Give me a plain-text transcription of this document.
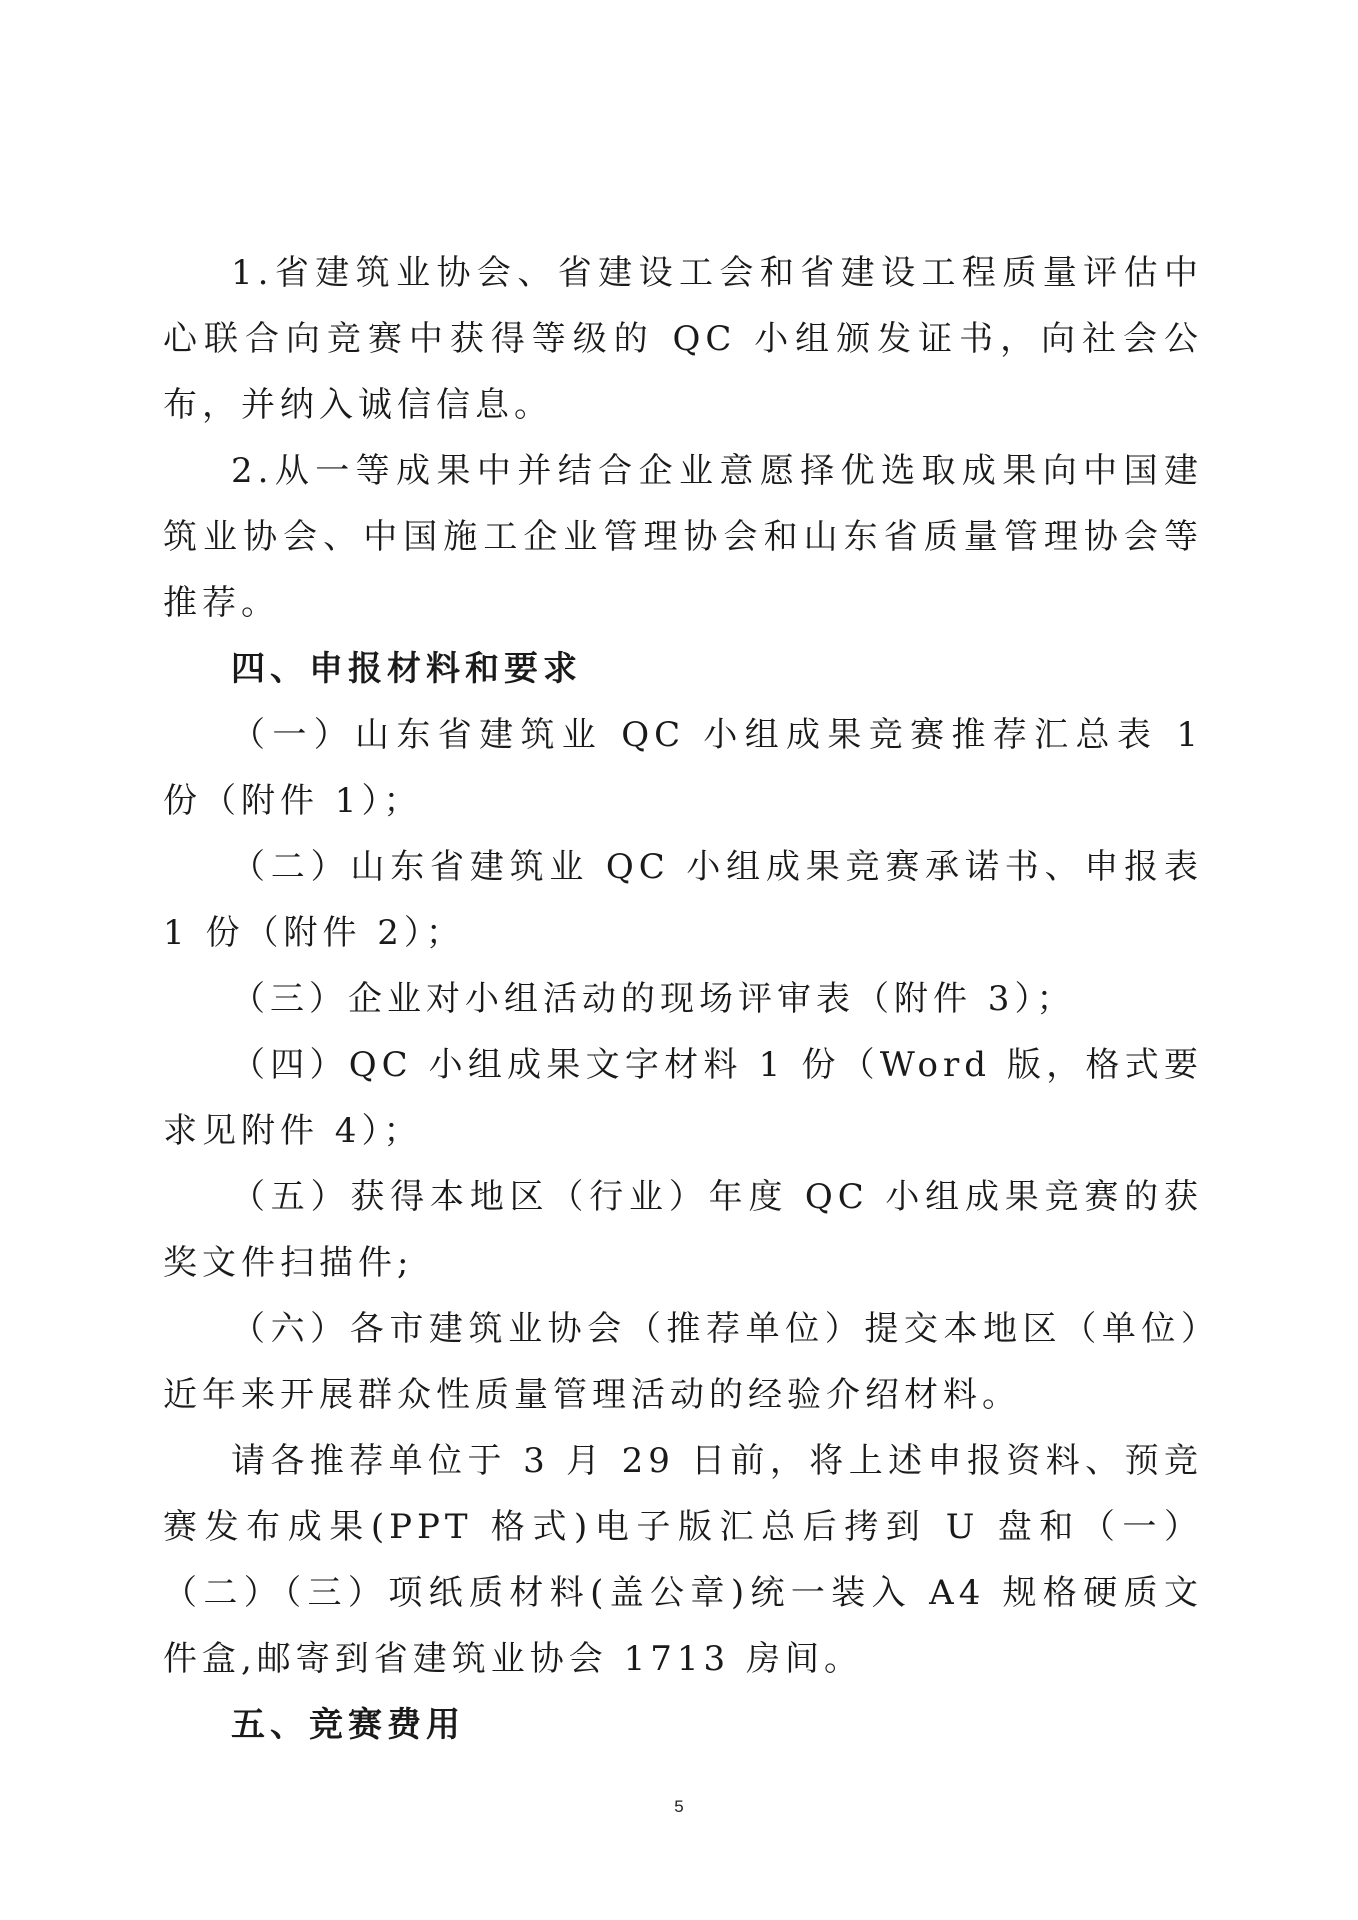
1.省建筑业协会、省建设工会和省建设工程质量评估中心联合向竞赛中获得等级的 QC 小组颁发证书，向社会公布，并纳入诚信信息。

2.从一等成果中并结合企业意愿择优选取成果向中国建筑业协会、中国施工企业管理协会和山东省质量管理协会等推荐。

四、申报材料和要求

（一）山东省建筑业 QC 小组成果竞赛推荐汇总表 1 份（附件 1）；

（二）山东省建筑业 QC 小组成果竞赛承诺书、申报表 1 份（附件 2）；

（三）企业对小组活动的现场评审表（附件 3）；

（四）QC 小组成果文字材料 1 份（Word 版，格式要求见附件 4）；

（五）获得本地区（行业）年度 QC 小组成果竞赛的获奖文件扫描件;

（六）各市建筑业协会（推荐单位）提交本地区（单位）近年来开展群众性质量管理活动的经验介绍材料。

请各推荐单位于 3 月 29 日前，将上述申报资料、预竞赛发布成果(PPT 格式)电子版汇总后拷到 U 盘和（一）（二）（三）项纸质材料(盖公章)统一装入 A4 规格硬质文件盒,邮寄到省建筑业协会 1713 房间。

五、竞赛费用

5
